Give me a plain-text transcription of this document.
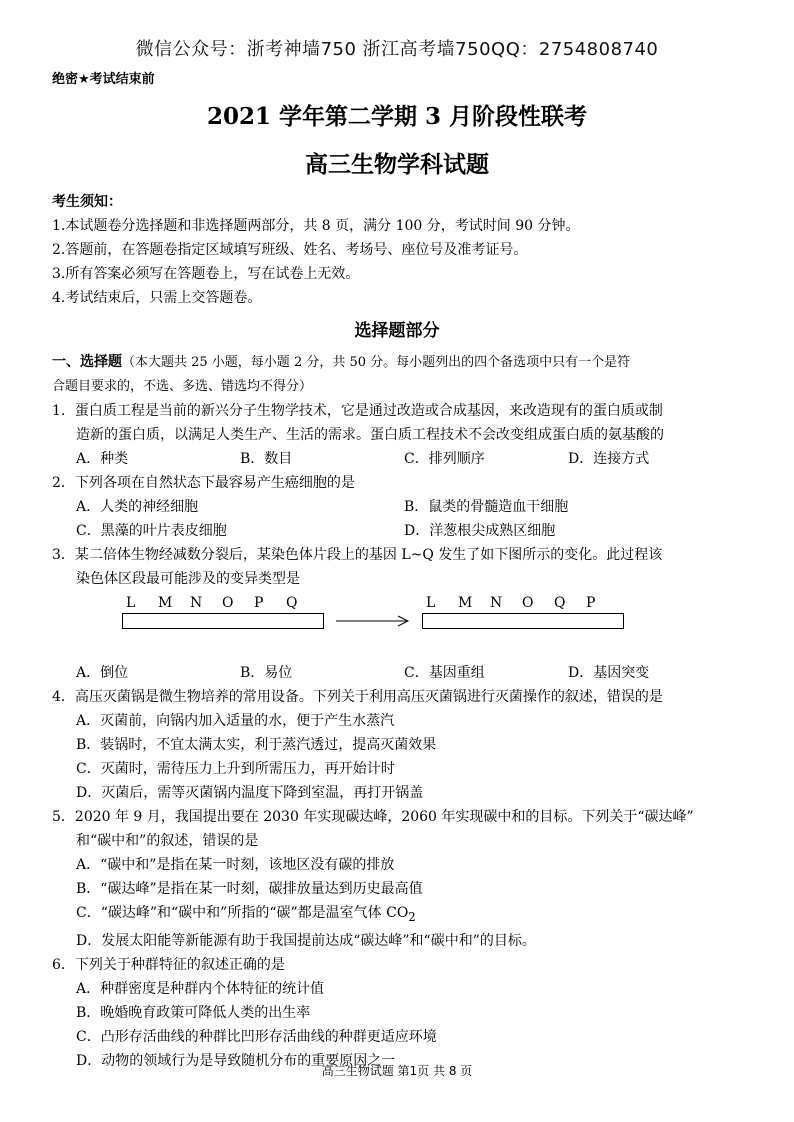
微信公众号：浙考神墙750 浙江高考墙750QQ：2754808740
绝密★考试结束前
2021 学年第二学期 3 月阶段性联考
高三生物学科试题
考生须知：
1.本试题卷分选择题和非选择题两部分，共 8 页，满分 100 分，考试时间 90 分钟。
2.答题前，在答题卷指定区域填写班级、姓名、考场号、座位号及准考证号。
3.所有答案必须写在答题卷上，写在试卷上无效。
4.考试结束后，只需上交答题卷。
选择题部分

一、选择题（本大题共 25 小题，每小题 2 分，共 50 分。每小题列出的四个备选项中只有一个是符

合题目要求的，不选、多选、错选均不得分）

1．蛋白质工程是当前的新兴分子生物学技术，它是通过改造或合成基因，来改造现有的蛋白质或制

造新的蛋白质，以满足人类生产、生活的需求。蛋白质工程技术不会改变组成蛋白质的氨基酸的

A．种类	B．数目	C．排列顺序	D．连接方式

2．下列各项在自然状态下最容易产生癌细胞的是

A．人类的神经细胞	B．鼠类的骨髓造血干细胞
C．黑藻的叶片表皮细胞	D．洋葱根尖成熟区细胞

3．某二倍体生物经减数分裂后，某染色体片段上的基因 L~Q 发生了如下图所示的变化。此过程该

染色体区段最可能涉及的变异类型是

L M N O P Q	L M N O Q P
A．倒位	B．易位	C．基因重组	D．基因突变

4．高压灭菌锅是微生物培养的常用设备。下列关于利用高压灭菌锅进行灭菌操作的叙述，错误的是

A．灭菌前，向锅内加入适量的水，便于产生水蒸汽

B．装锅时，不宜太满太实，利于蒸汽透过，提高灭菌效果

C．灭菌时，需待压力上升到所需压力，再开始计时

D．灭菌后，需等灭菌锅内温度下降到室温，再打开锅盖

5．2020 年 9 月，我国提出要在 2030 年实现碳达峰，2060 年实现碳中和的目标。下列关于“碳达峰”

和“碳中和”的叙述，错误的是

A．“碳中和”是指在某一时刻，该地区没有碳的排放

B．“碳达峰”是指在某一时刻，碳排放量达到历史最高值

C．“碳达峰”和“碳中和”所指的“碳”都是温室气体 $CO_2$

D．发展太阳能等新能源有助于我国提前达成“碳达峰”和“碳中和”的目标。

6．下列关于种群特征的叙述正确的是

A．种群密度是种群内个体特征的统计值

B．晚婚晚育政策可降低人类的出生率

C．凸形存活曲线的种群比凹形存活曲线的种群更适应环境

D．动物的领域行为是导致随机分布的重要原因之一

高三生物试题 第1页 共 8 页
